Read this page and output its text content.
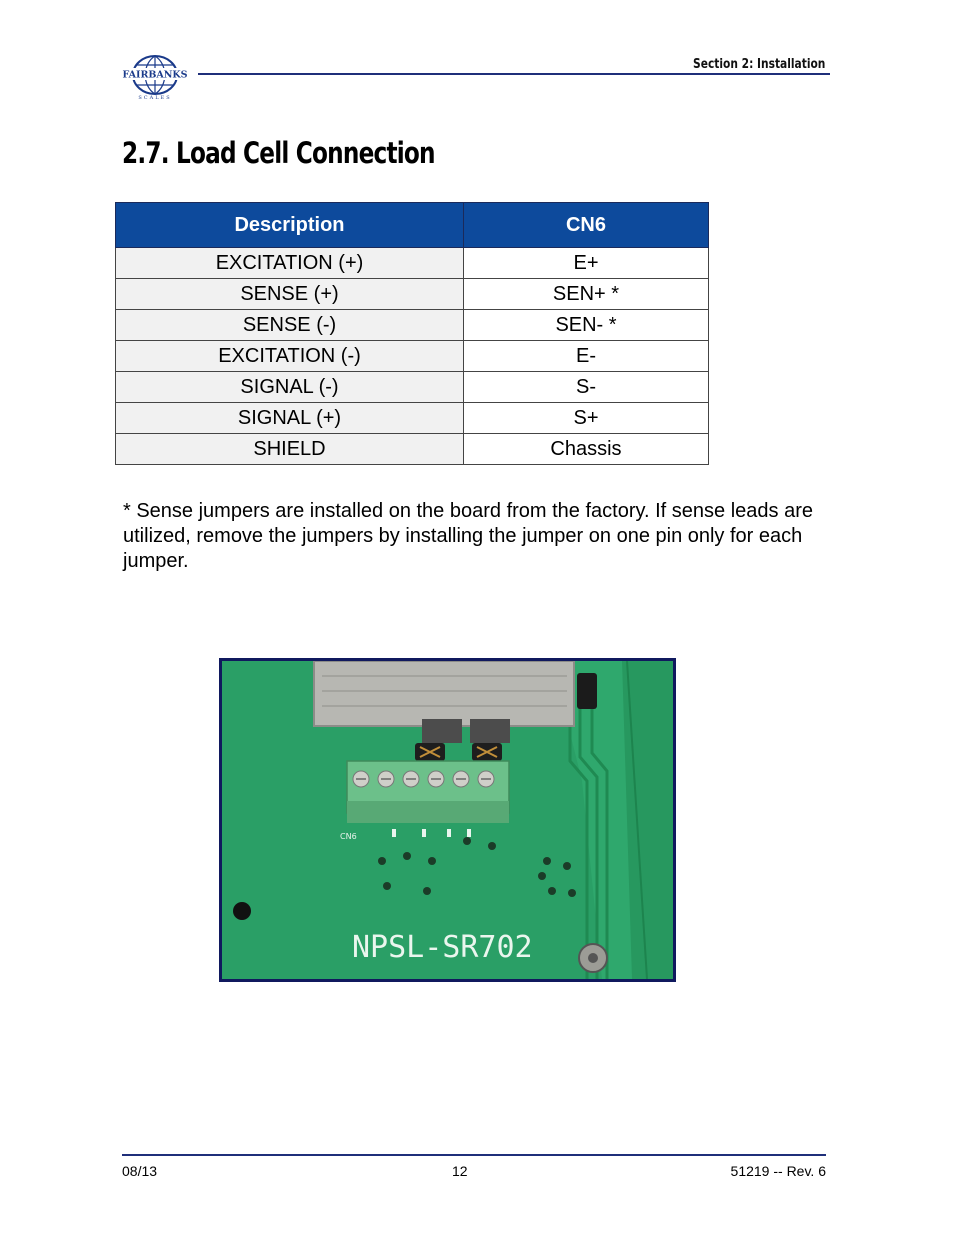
FAIRBANKS
SCALES
Section 2: Installation
2.7. Load Cell Connection
Description	CN6
EXCITATION (+)	E+
SENSE (+)	SEN+ *
SENSE (-)	SEN- *
EXCITATION (-)	E-
SIGNAL (-)	S-
SIGNAL (+)	S+
SHIELD	Chassis

* Sense jumpers are installed on the board from the factory. If sense leads are utilized, remove the jumpers by installing the jumper on one pin only for each jumper.

CN6
NPSL-SR702
08/13	12	51219 -- Rev. 6
